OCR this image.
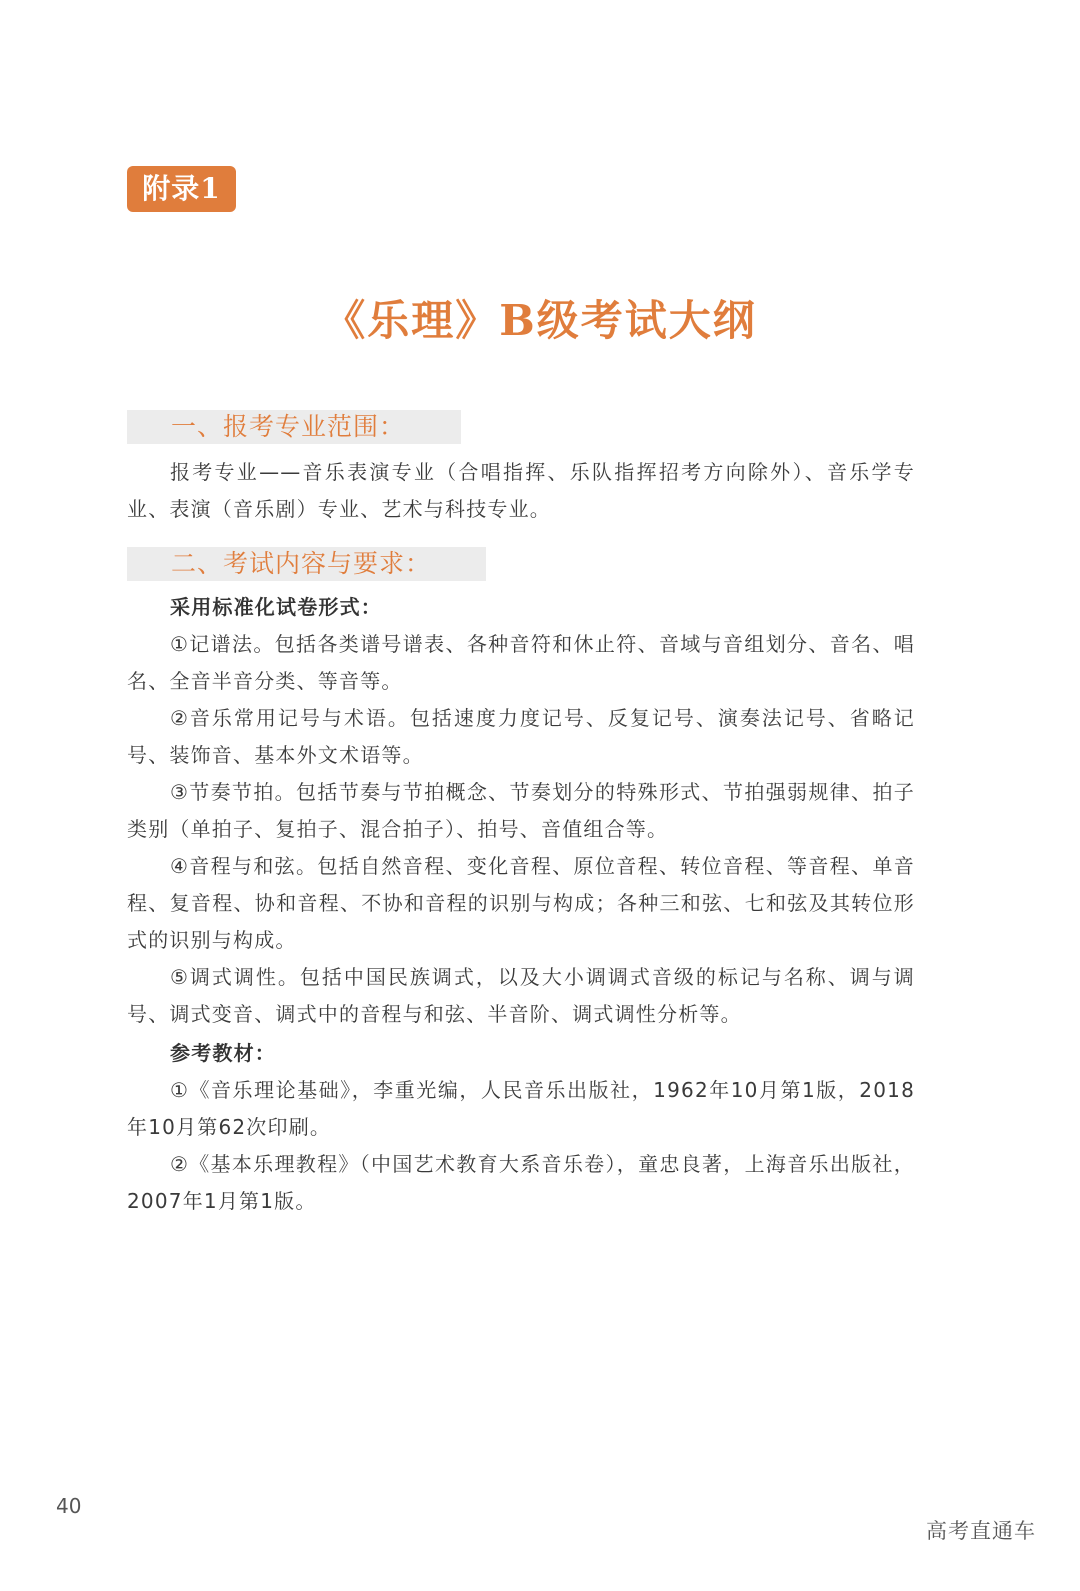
附录1
《乐理》B级考试大纲
一、报考专业范围：

报考专业——音乐表演专业（合唱指挥、乐队指挥招考方向除外）、音乐学专业、表演（音乐剧）专业、艺术与科技专业。

二、考试内容与要求：

采用标准化试卷形式：

①记谱法。包括各类谱号谱表、各种音符和休止符、音域与音组划分、音名、唱名、全音半音分类、等音等。

②音乐常用记号与术语。包括速度力度记号、反复记号、演奏法记号、省略记号、装饰音、基本外文术语等。

③节奏节拍。包括节奏与节拍概念、节奏划分的特殊形式、节拍强弱规律、拍子类别（单拍子、复拍子、混合拍子）、拍号、音值组合等。

④音程与和弦。包括自然音程、变化音程、原位音程、转位音程、等音程、单音程、复音程、协和音程、不协和音程的识别与构成；各种三和弦、七和弦及其转位形式的识别与构成。

⑤调式调性。包括中国民族调式，以及大小调调式音级的标记与名称、调与调号、调式变音、调式中的音程与和弦、半音阶、调式调性分析等。

参考教材：

①《音乐理论基础》，李重光编，人民音乐出版社，1962年10月第1版，2018年10月第62次印刷。

②《基本乐理教程》（中国艺术教育大系音乐卷），童忠良著，上海音乐出版社，2007年1月第1版。

40
高考直通车
